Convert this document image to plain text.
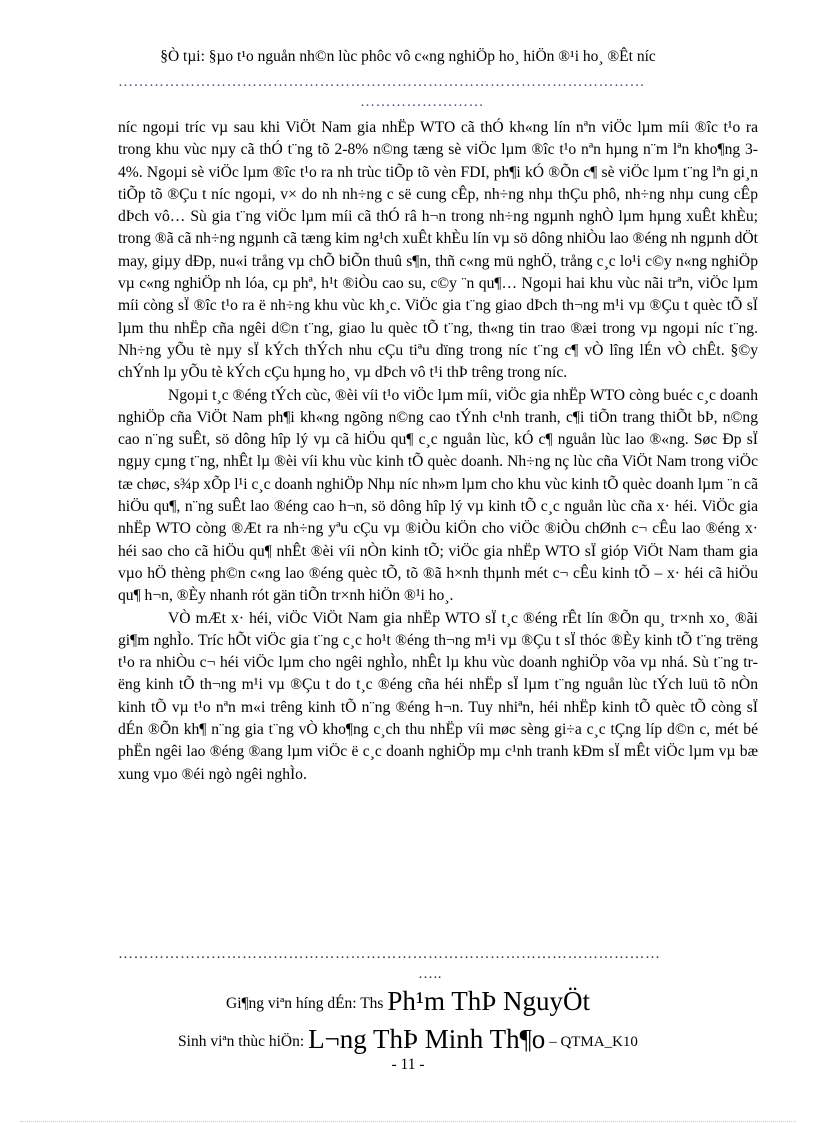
§Ò tµi: §µo t¹o nguån nh©n lùc phôc vô c«ng nghiÖp ho¸ hiÖn ®¹i ho¸ ®Êt níc
…………………………………………………………………………………………
……………………

níc ngoµi tríc vµ sau khi ViÖt Nam gia nhËp WTO cã thÓ kh«ng lín nªn viÖc lµm míi ®îc t¹o ra trong khu vùc nµy cã thÓ t¨ng tõ 2-8% n©ng tæng sè viÖc lµm ®îc t¹o nªn hµng n¨m lªn kho¶ng 3-4%. Ngoµi sè viÖc lµm ®îc t¹o ra nh trùc tiÕp tõ vèn FDI, ph¶i kÓ ®Õn c¶ sè viÖc lµm t¨ng lªn gi¸n tiÕp tõ ®Çu t níc ngoµi, v× do nh nh÷ng c së cung cÊp, nh÷ng nhµ thÇu phô, nh÷ng nhµ cung cÊp dÞch vô… Sù gia t¨ng viÖc lµm míi cã thÓ râ h¬n trong nh÷ng ngµnh nghÒ lµm hµng xuÊt khÈu; trong ®ã cã nh÷ng ngµnh cã tæng kim ng¹ch xuÊt khÈu lín vµ sö dông nhiÒu lao ®éng nh ngµnh dÖt may, giµy dÐp, nu«i trång vµ chÕ biÕn thuû s¶n, thñ c«ng mü nghÖ, trång c¸c lo¹i c©y n«ng nghiÖp vµ c«ng nghiÖp nh lóa, cµ phª, h¹t ®iÒu cao su, c©y ¨n qu¶… Ngoµi hai khu vùc nãi trªn, viÖc lµm míi còng sÏ ®îc t¹o ra ë nh÷ng khu vùc kh¸c. ViÖc gia t¨ng giao dÞch th¬ng m¹i vµ ®Çu t quèc tÕ sÏ lµm thu nhËp cña ngêi d©n t¨ng, giao lu quèc tÕ t¨ng, th«ng tin trao ®æi trong vµ ngoµi níc t¨ng. Nh÷ng yÕu tè nµy sÏ kÝch thÝch nhu cÇu tiªu dïng trong níc t¨ng c¶ vÒ lîng lÉn vÒ chÊt. §©y chÝnh lµ yÕu tè kÝch cÇu hµng ho¸ vµ dÞch vô t¹i thÞ trêng trong níc.

Ngoµi t¸c ®éng tÝch cùc, ®èi víi t¹o viÖc lµm míi, viÖc gia nhËp WTO còng buéc c¸c doanh nghiÖp cña ViÖt Nam ph¶i kh«ng ngõng n©ng cao tÝnh c¹nh tranh, c¶i tiÕn trang thiÕt bÞ, n©ng cao n¨ng suÊt, sö dông hîp lý vµ cã hiÖu qu¶ c¸c nguån lùc, kÓ c¶ nguån lùc lao ®«ng. Søc Ðp sÏ ngµy cµng t¨ng, nhÊt lµ ®èi víi khu vùc kinh tÕ quèc doanh. Nh÷ng nç lùc cña ViÖt Nam trong viÖc tæ chøc, s¾p xÕp l¹i c¸c doanh nghiÖp Nhµ níc nh»m lµm cho khu vùc kinh tÕ quèc doanh lµm ¨n cã hiÖu qu¶, n¨ng suÊt lao ®éng cao h¬n, sö dông hîp lý vµ kinh tÕ c¸c nguån lùc cña x· héi. ViÖc gia nhËp WTO còng ®Æt ra nh÷ng yªu cÇu vµ ®iÒu kiÖn cho viÖc ®iÒu chØnh c¬ cÊu lao ®éng x· héi sao cho cã hiÖu qu¶ nhÊt ®èi víi nÒn kinh tÕ; viÖc gia nhËp WTO sÏ gióp ViÖt Nam tham gia vµo hÖ thèng ph©n c«ng lao ®éng quèc tÕ, tõ ®ã h×nh thµnh mét c¬ cÊu kinh tÕ – x· héi cã hiÖu qu¶ h¬n, ®Èy nhanh rót gän tiÕn tr×nh hiÖn ®¹i ho¸.

VÒ mÆt x· héi, viÖc ViÖt Nam gia nhËp WTO sÏ t¸c ®éng rÊt lín ®Õn qu¸ tr×nh xo¸ ®ãi gi¶m nghÌo. Tríc hÕt viÖc gia t¨ng c¸c ho¹t ®éng th¬ng m¹i vµ ®Çu t sÏ thóc ®Èy kinh tÕ t¨ng trëng t¹o ra nhiÒu c¬ héi viÖc lµm cho ngêi nghÌo, nhÊt lµ khu vùc doanh nghiÖp võa vµ nhá. Sù t¨ng trëng kinh tÕ th¬ng m¹i vµ ®Çu t do t¸c ®éng cña héi nhËp sÏ lµm t¨ng nguån lùc tÝch luü tõ nÒn kinh tÕ vµ t¹o nªn m«i trêng kinh tÕ n¨ng ®éng h¬n. Tuy nhiªn, héi nhËp kinh tÕ quèc tÕ còng sÏ dÉn ®Õn kh¶ n¨ng gia t¨ng vÒ kho¶ng c¸ch thu nhËp víi møc sèng gi÷a c¸c tÇng líp d©n c, mét bé phËn ngêi lao ®éng ®ang lµm viÖc ë c¸c doanh nghiÖp mµ c¹nh tranh kÐm sÏ mÊt viÖc lµm vµ bæ xung vµo ®éi ngò ngêi nghÌo.

……………………………………………………………………………………………
…..
Gi¶ng viªn híng dÉn: Ths Ph¹m ThÞ NguyÖt
Sinh viªn thùc hiÖn: L¬ng ThÞ Minh Th¶o – QTMA_K10
- 11 -
